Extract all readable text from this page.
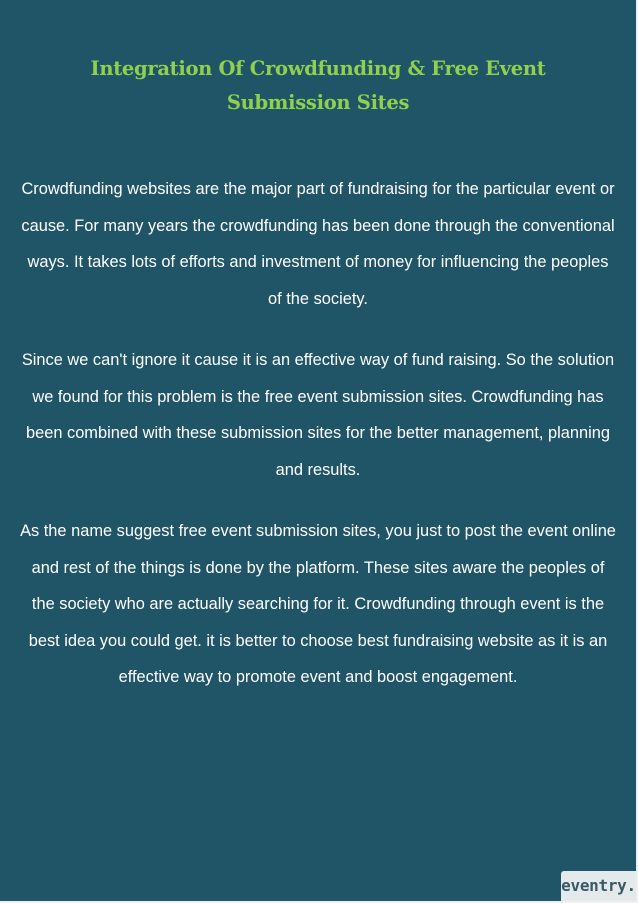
Integration Of Crowdfunding & Free Event Submission Sites

Crowdfunding websites are the major part of fundraising for the particular event or cause. For many years the crowdfunding has been done through the conventional ways. It takes lots of efforts and investment of money for influencing the peoples of the society.

Since we can't ignore it cause it is an effective way of fund raising. So the solution we found for this problem is the free event submission sites. Crowdfunding has been combined with these submission sites for the better management, planning and results.

As the name suggest free event submission sites, you just to post the event online and rest of the things is done by the platform. These sites aware the peoples of the society who are actually searching for it. Crowdfunding through event is the best idea you could get. it is better to choose best fundraising website as it is an effective way to promote event and boost engagement.

eventry.
